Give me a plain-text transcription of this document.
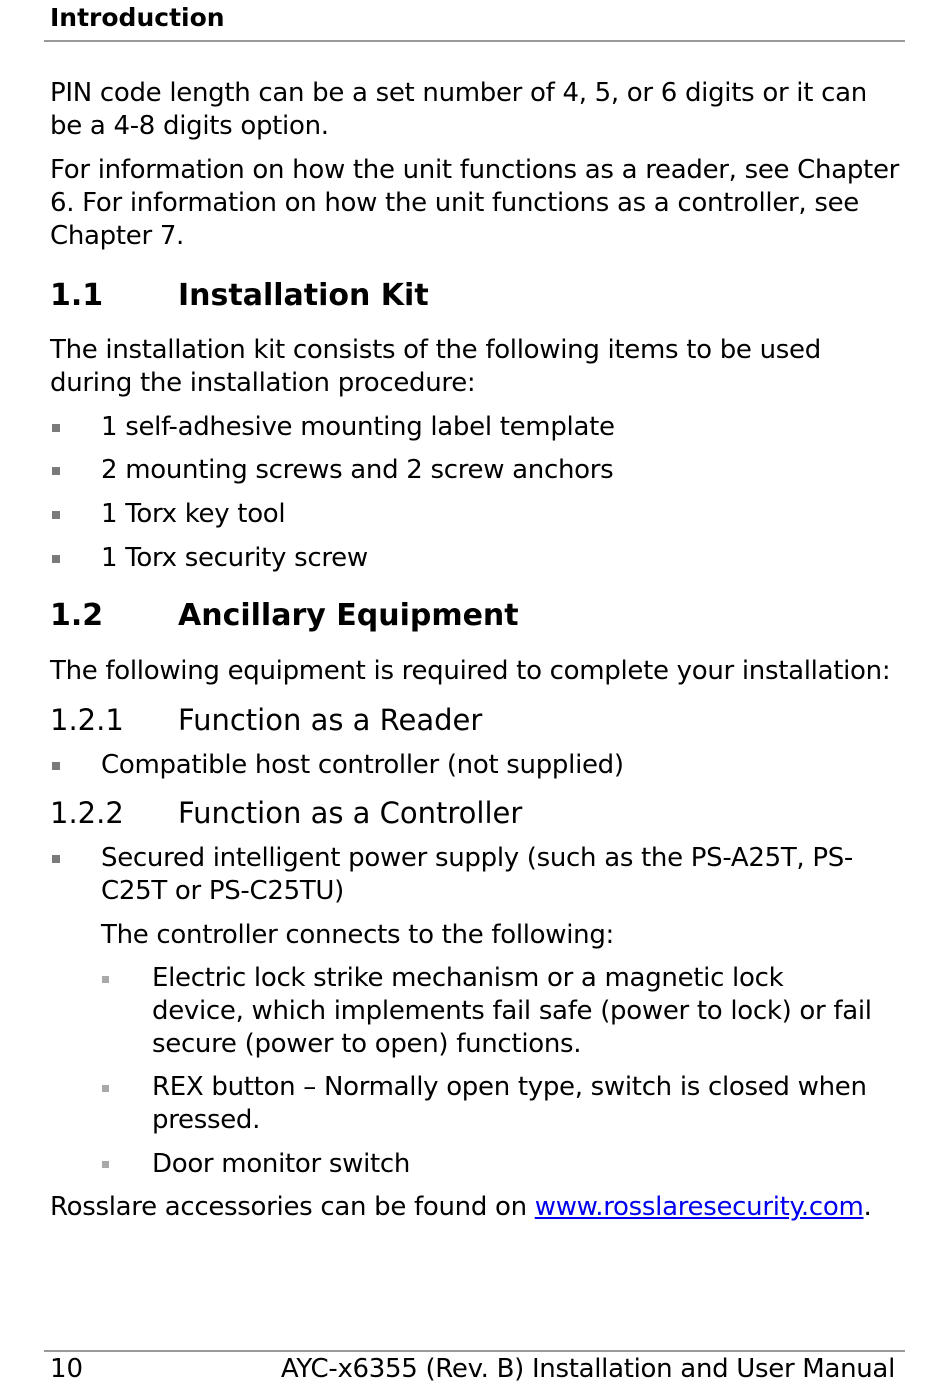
Introduction
PIN code length can be a set number of 4, 5, or 6 digits or it can be a 4-8 digits option.
For information on how the unit functions as a reader, see Chapter 6. For information on how the unit functions as a controller, see Chapter 7.
1.1 Installation Kit
The installation kit consists of the following items to be used during the installation procedure:
1 self-adhesive mounting label template
2 mounting screws and 2 screw anchors
1 Torx key tool
1 Torx security screw
1.2 Ancillary Equipment
The following equipment is required to complete your installation:
1.2.1 Function as a Reader
Compatible host controller (not supplied)
1.2.2 Function as a Controller
Secured intelligent power supply (such as the PS-A25T, PS-C25T or PS-C25TU)
The controller connects to the following:
Electric lock strike mechanism or a magnetic lock device, which implements fail safe (power to lock) or fail secure (power to open) functions.
REX button – Normally open type, switch is closed when pressed.
Door monitor switch
Rosslare accessories can be found on www.rosslaresecurity.com.
10	AYC-x6355 (Rev. B) Installation and User Manual
